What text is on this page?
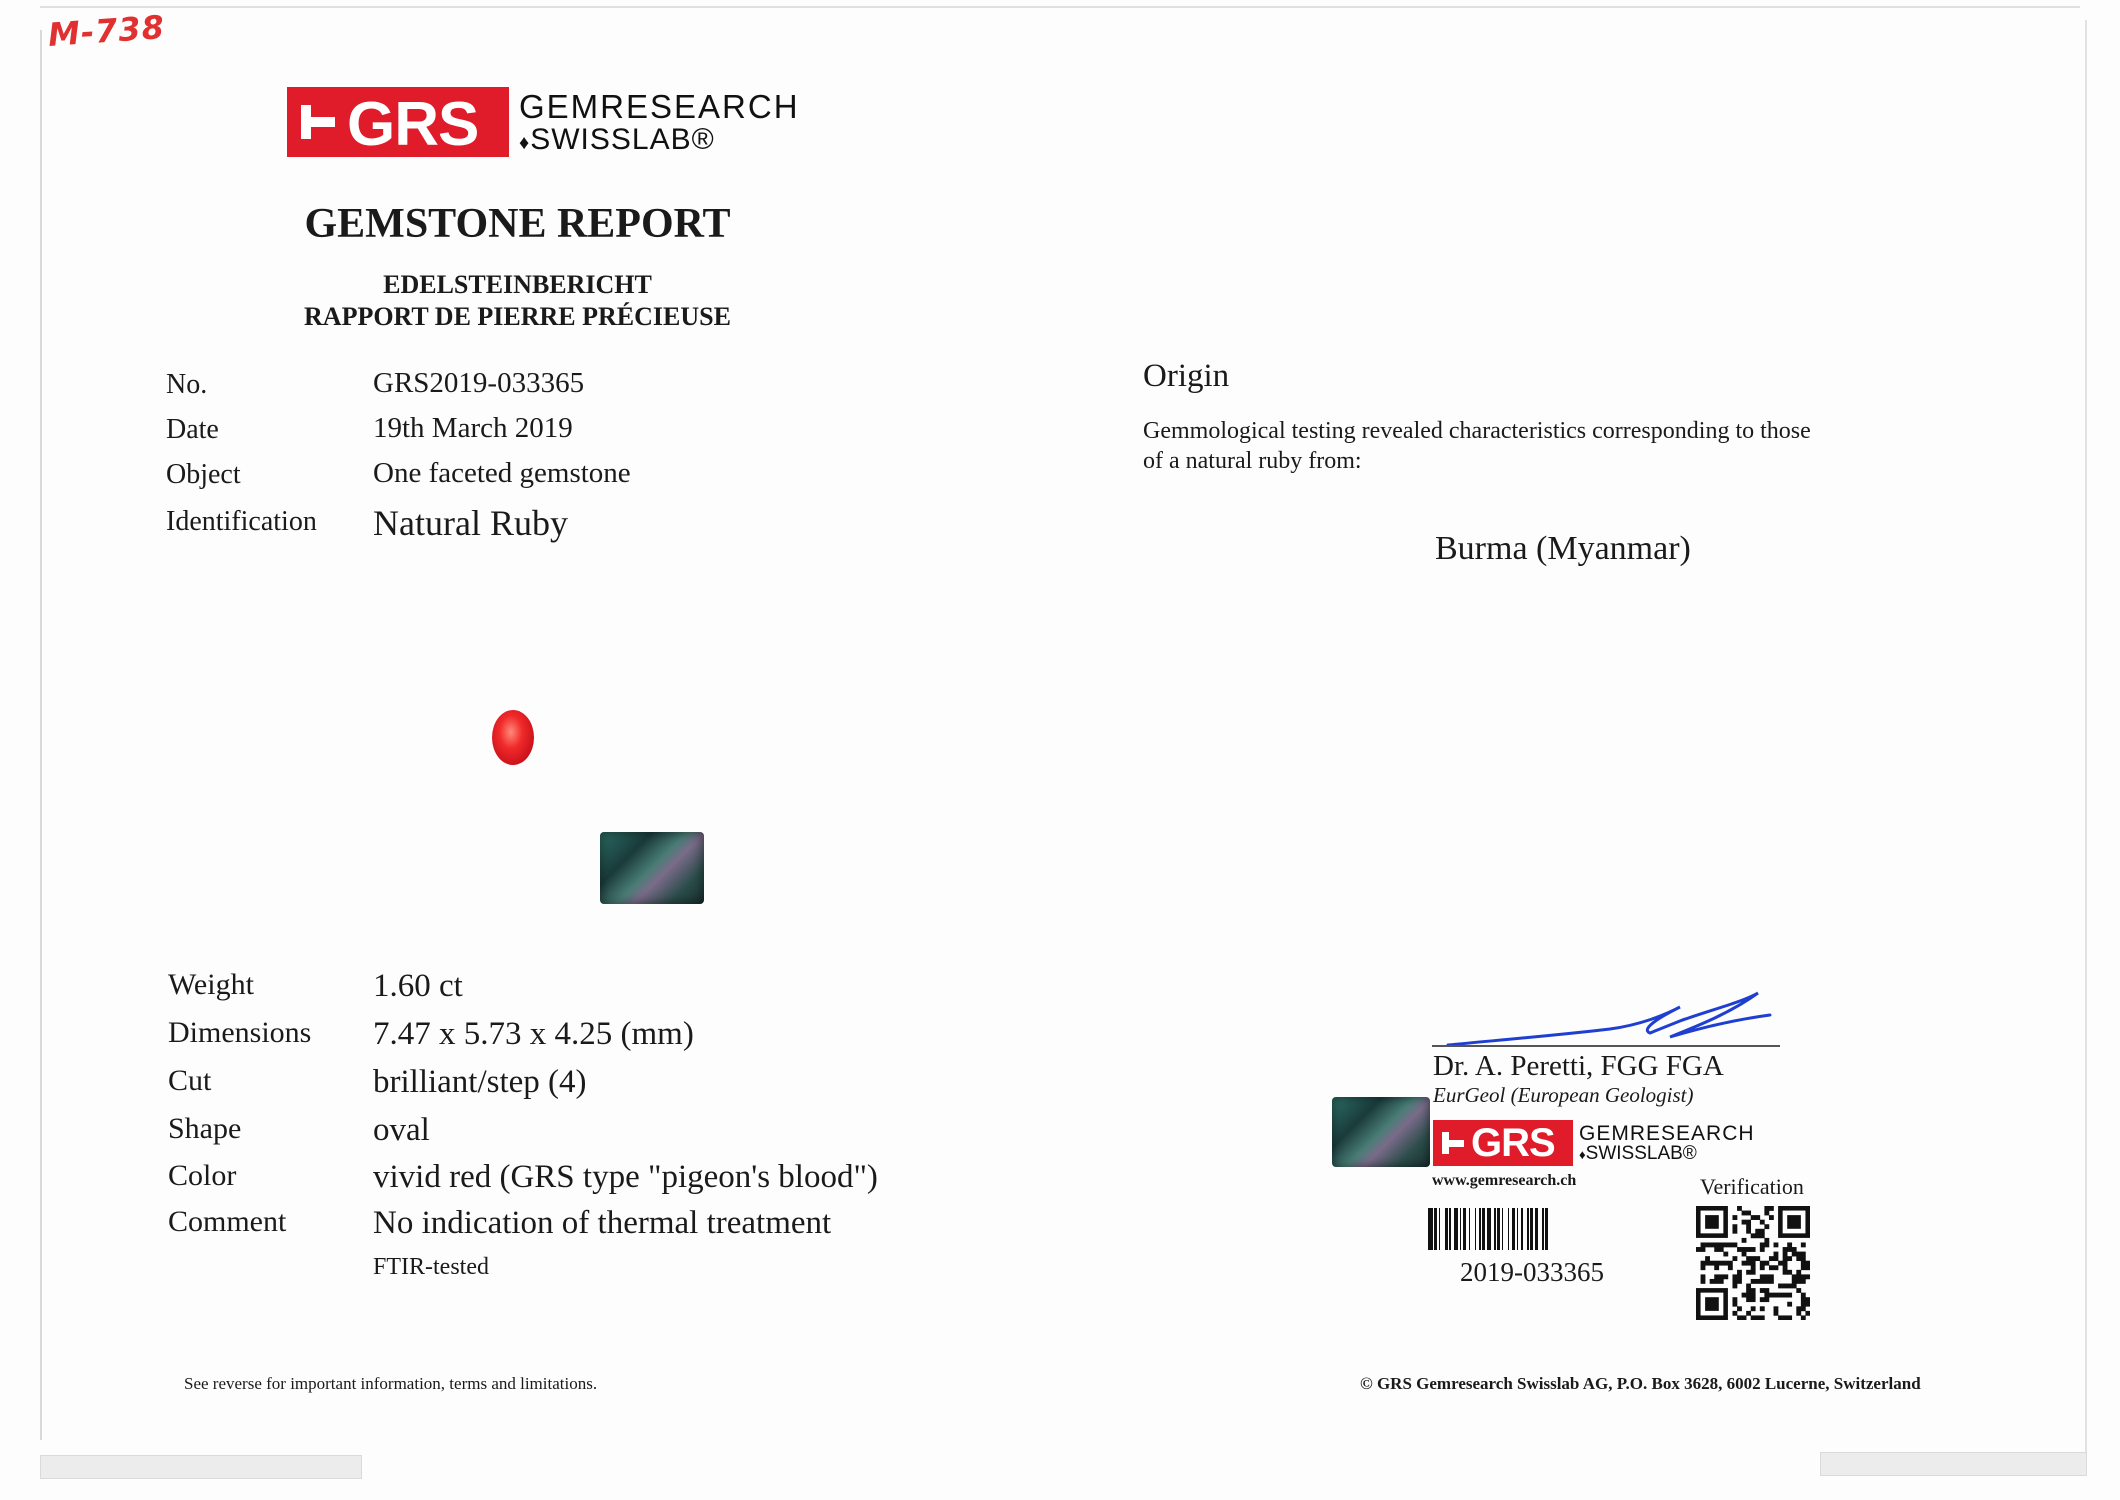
M-738
GRS GEMRESEARCH
♦SWISSLAB®
GEMSTONE REPORT
EDELSTEINBERICHT
RAPPORT DE PIERRE PRÉCIEUSE
No.	GRS2019-033365
Date	19th March 2019
Object	One faceted gemstone
Identification Natural Ruby
Weight	1.60 ct
Dimensions 7.47 x 5.73 x 4.25 (mm)
Cut	brilliant/step (4)
Shape	oval
Color	vivid red (GRS type "pigeon's blood")
Comment	No indication of thermal treatment
FTIR-tested
Origin
Gemmological testing revealed characteristics corresponding to those
of a natural ruby from:
Burma (Myanmar)
Dr. A. Peretti, FGG FGA
EurGeol (European Geologist)
GRS GEMRESEARCH
♦SWISSLAB®
www.gemresearch.ch	Verification
2019-033365
See reverse for important information, terms and limitations.	© GRS Gemresearch Swisslab AG, P.O. Box 3628, 6002 Lucerne, Switzerland
